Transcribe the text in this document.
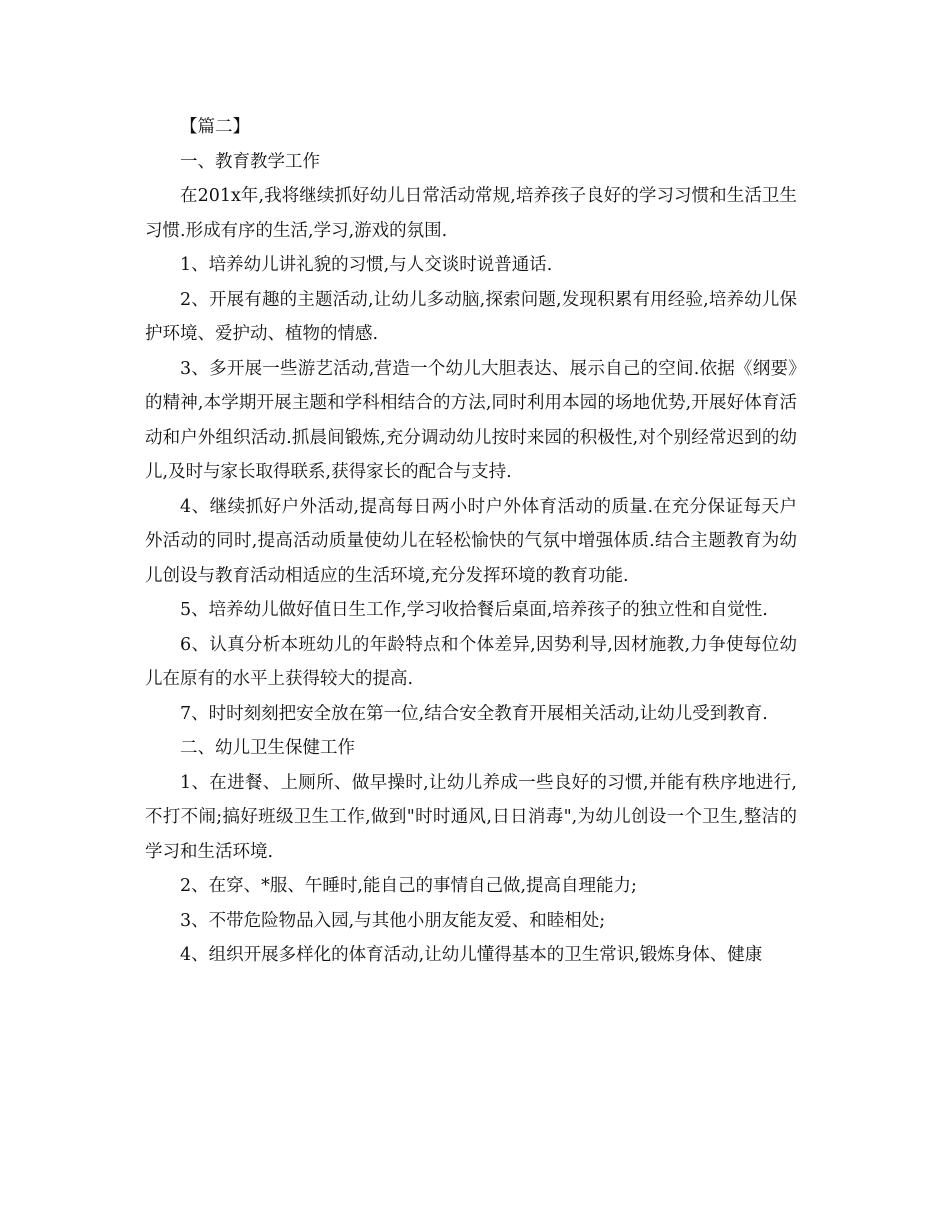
【篇二】

一、教育教学工作

在201x年,我将继续抓好幼儿日常活动常规,培养孩子良好的学习习惯和生活卫生习惯.形成有序的生活,学习,游戏的氛围.

1、培养幼儿讲礼貌的习惯,与人交谈时说普通话.

2、开展有趣的主题活动,让幼儿多动脑,探索问题,发现积累有用经验,培养幼儿保护环境、爱护动、植物的情感.

3、多开展一些游艺活动,营造一个幼儿大胆表达、展示自己的空间.依据《纲要》的精神,本学期开展主题和学科相结合的方法,同时利用本园的场地优势,开展好体育活动和户外组织活动.抓晨间锻炼,充分调动幼儿按时来园的积极性,对个别经常迟到的幼儿,及时与家长取得联系,获得家长的配合与支持.

4、继续抓好户外活动,提高每日两小时户外体育活动的质量.在充分保证每天户外活动的同时,提高活动质量使幼儿在轻松愉快的气氛中增强体质.结合主题教育为幼儿创设与教育活动相适应的生活环境,充分发挥环境的教育功能.

5、培养幼儿做好值日生工作,学习收拾餐后桌面,培养孩子的独立性和自觉性.

6、认真分析本班幼儿的年龄特点和个体差异,因势利导,因材施教,力争使每位幼儿在原有的水平上获得较大的提高.

7、时时刻刻把安全放在第一位,结合安全教育开展相关活动,让幼儿受到教育.

二、幼儿卫生保健工作

1、在进餐、上厕所、做早操时,让幼儿养成一些良好的习惯,并能有秩序地进行,不打不闹;搞好班级卫生工作,做到"时时通风,日日消毒",为幼儿创设一个卫生,整洁的学习和生活环境.

2、在穿、*服、午睡时,能自己的事情自己做,提高自理能力;

3、不带危险物品入园,与其他小朋友能友爱、和睦相处;

4、组织开展多样化的体育活动,让幼儿懂得基本的卫生常识,锻炼身体、健康
